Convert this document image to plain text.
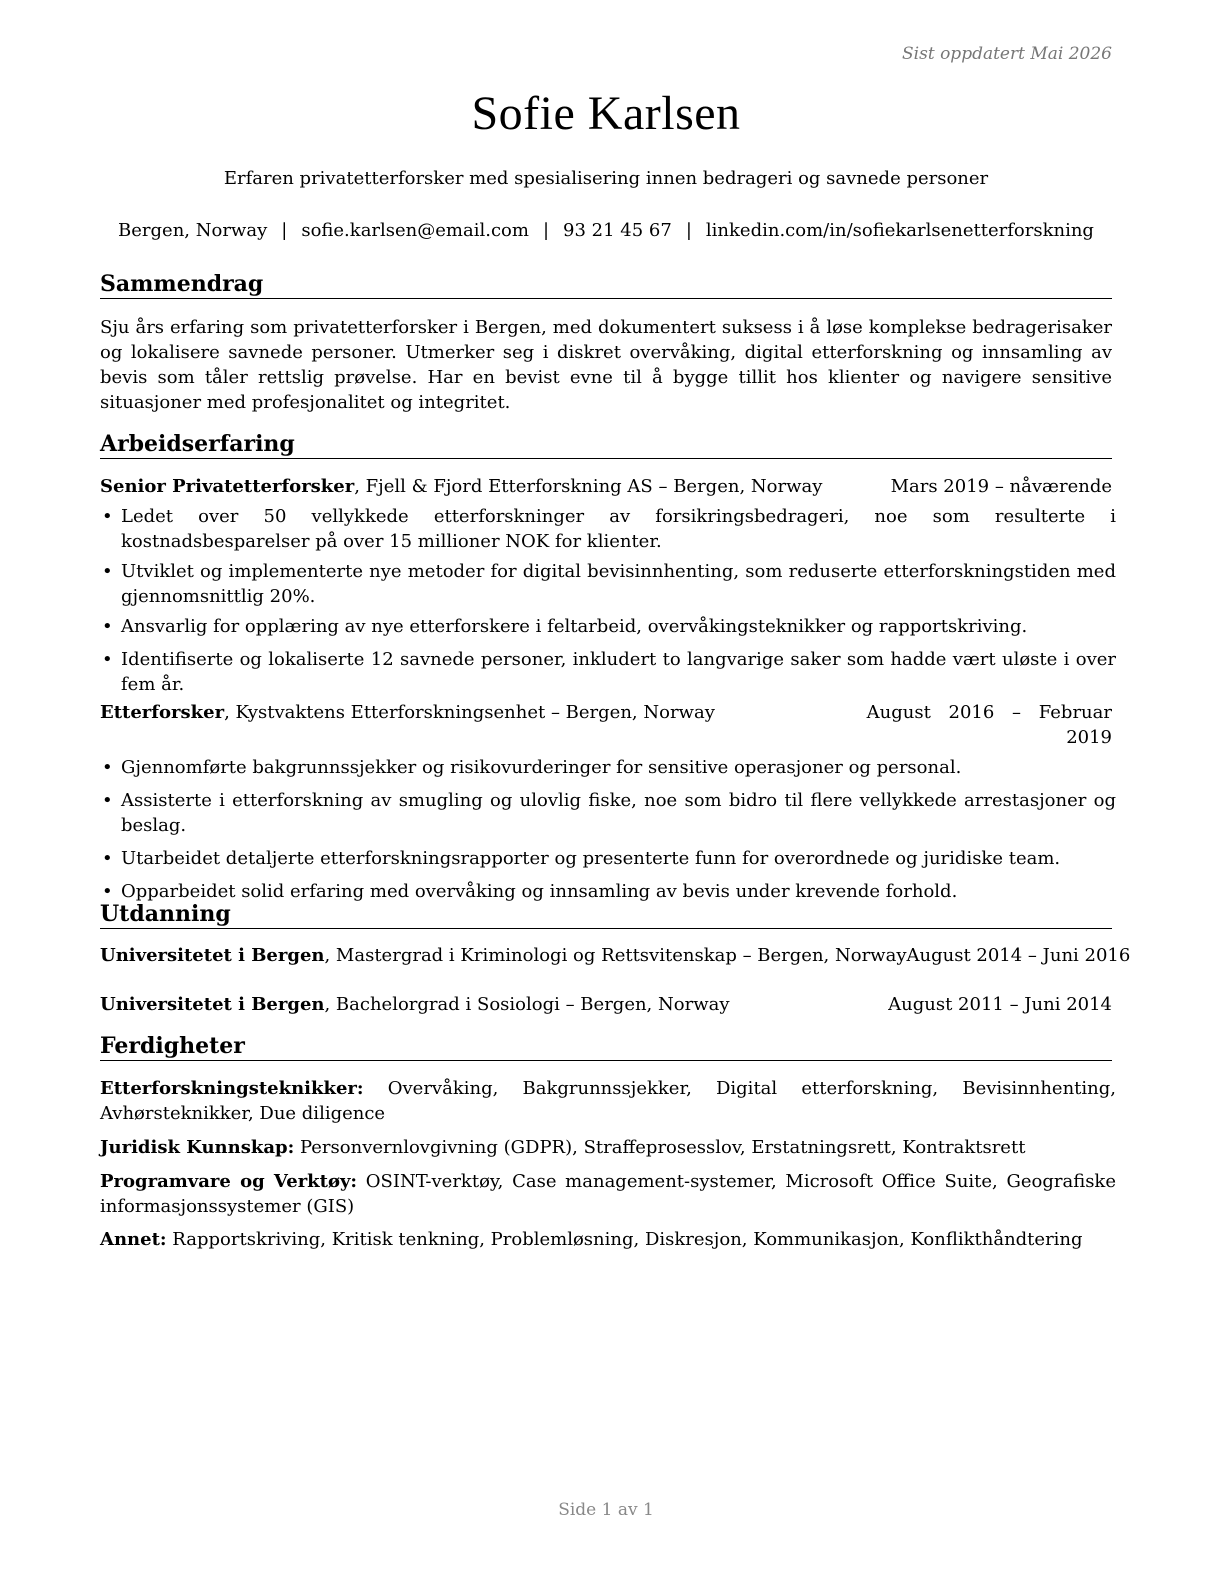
Sist oppdatert Mai 2026
Sofie Karlsen
Erfaren privatetterforsker med spesialisering innen bedrageri og savnede personer
Bergen, Norway | sofie.karlsen@email.com | 93 21 45 67 | linkedin.com/in/sofiekarlsenetterforskning
Sammendrag
Sju års erfaring som privatetterforsker i Bergen, med dokumentert suksess i å løse komplekse bedragerisaker og lokalisere savnede personer. Utmerker seg i diskret overvåking, digital etterforskning og innsamling av bevis som tåler rettslig prøvelse. Har en bevist evne til å bygge tillit hos klienter og navigere sensitive situasjoner med profesjonalitet og integritet.
Arbeidserfaring
Senior Privatetterforsker, Fjell & Fjord Etterforskning AS – Bergen, Norway	Mars 2019 – nåværende
• Ledet over 50 vellykkede etterforskninger av forsikringsbedrageri, noe som resulterte i kostnadsbesparelser på over 15 millioner NOK for klienter.
• Utviklet og implementerte nye metoder for digital bevisinnhenting, som reduserte etterforskningstiden med gjennomsnittlig 20%.
• Ansvarlig for opplæring av nye etterforskere i feltarbeid, overvåkingsteknikker og rapportskriving.
• Identifiserte og lokaliserte 12 savnede personer, inkludert to langvarige saker som hadde vært uløste i over fem år.
Etterforsker, Kystvaktens Etterforskningsenhet – Bergen, Norway	August 2016 – Februar
2019
• Gjennomførte bakgrunnssjekker og risikovurderinger for sensitive operasjoner og personal.
• Assisterte i etterforskning av smugling og ulovlig fiske, noe som bidro til flere vellykkede arrestasjoner og beslag.
• Utarbeidet detaljerte etterforskningsrapporter og presenterte funn for overordnede og juridiske team.
• Opparbeidet solid erfaring med overvåking og innsamling av bevis under krevende forhold.
Utdanning
Universitetet i Bergen, Mastergrad i Kriminologi og Rettsvitenskap – Bergen, Norway August 2014 – Juni 2016
Universitetet i Bergen, Bachelorgrad i Sosiologi – Bergen, Norway	August 2011 – Juni 2014
Ferdigheter
Etterforskningsteknikker: Overvåking, Bakgrunnssjekker, Digital etterforskning, Bevisinnhenting, Avhørsteknikker, Due diligence
Juridisk Kunnskap: Personvernlovgivning (GDPR), Straffeprosesslov, Erstatningsrett, Kontraktsrett
Programvare og Verktøy: OSINT-verktøy, Case management-systemer, Microsoft Office Suite, Geografiske informasjonssystemer (GIS)
Annet: Rapportskriving, Kritisk tenkning, Problemløsning, Diskresjon, Kommunikasjon, Konflikthåndtering
Side 1 av 1
